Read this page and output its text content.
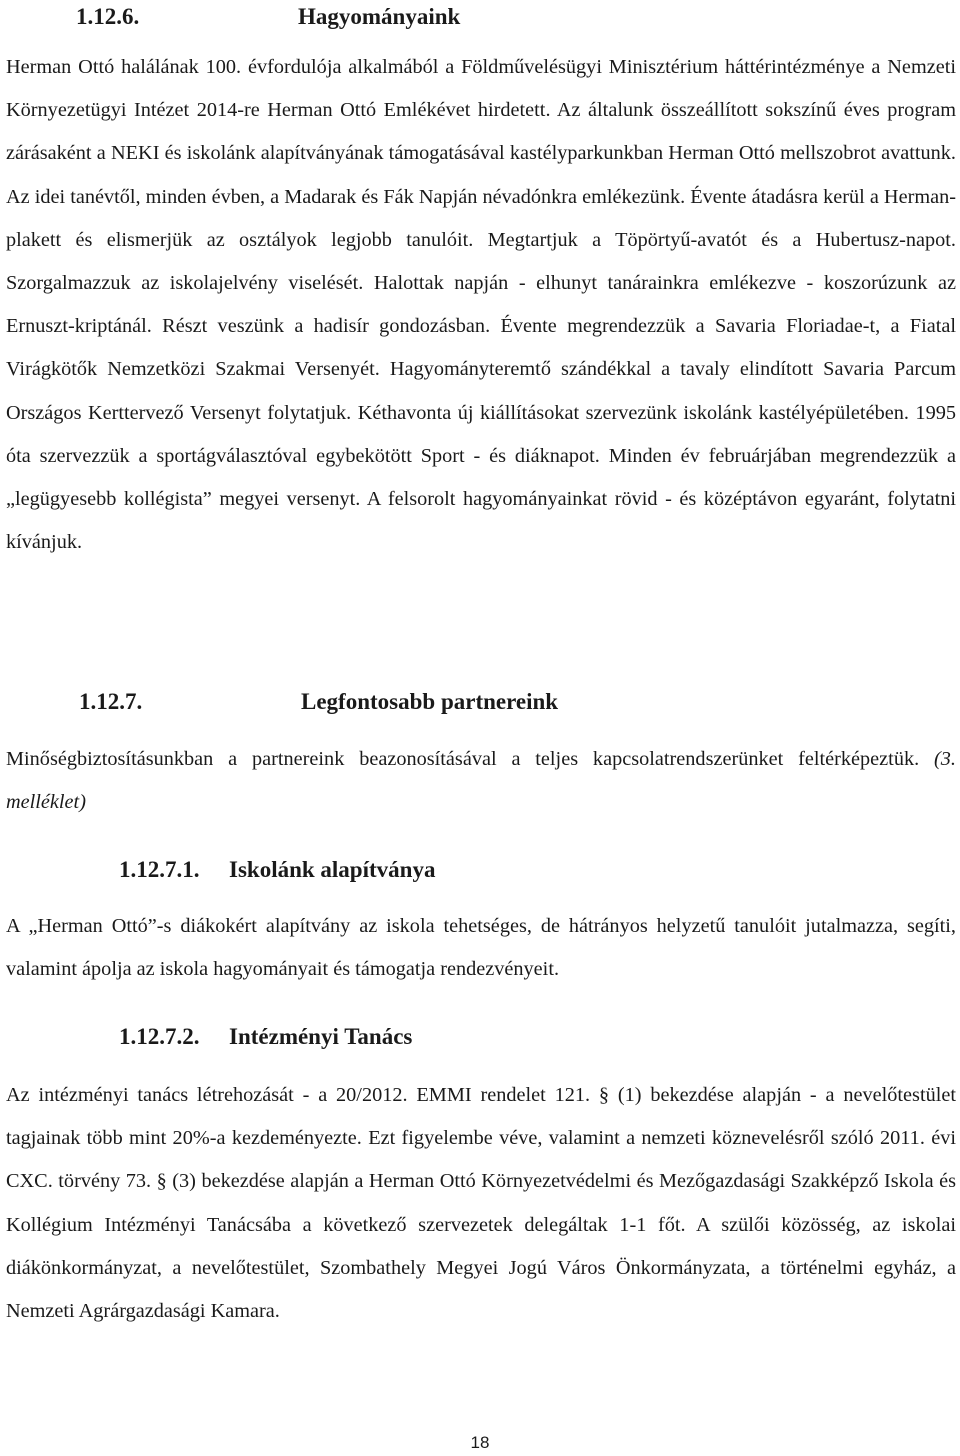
1.12.6.	Hagyományaink

Herman Ottó halálának 100. évfordulója alkalmából a Földművelésügyi Minisztérium háttérintézménye a Nemzeti Környezetügyi Intézet 2014-re Herman Ottó Emlékévet hirdetett. Az általunk összeállított sokszínű éves program zárásaként a NEKI és iskolánk alapítványának támogatásával kastélyparkunkban Herman Ottó mellszobrot avattunk. Az idei tanévtől, minden évben, a Madarak és Fák Napján névadónkra emlékezünk. Évente átadásra kerül a Herman-plakett és elismerjük az osztályok legjobb tanulóit. Megtartjuk a Töpörtyű-avatót és a Hubertusz-napot. Szorgalmazzuk az iskolajelvény viselését. Halottak napján - elhunyt tanárainkra emlékezve - koszorúzunk az Ernuszt-kriptánál. Részt veszünk a hadisír gondozásban. Évente megrendezzük a Savaria Floriadae-t, a Fiatal Virágkötők Nemzetközi Szakmai Versenyét. Hagyományteremtő szándékkal a tavaly elindított Savaria Parcum Országos Kerttervező Versenyt folytatjuk. Kéthavonta új kiállításokat szervezünk iskolánk kastélyépületében. 1995 óta szervezzük a sportágválasztóval egybekötött Sport - és diáknapot. Minden év februárjában megrendezzük a „legügyesebb kollégista” megyei versenyt. A felsorolt hagyományainkat rövid - és középtávon egyaránt, folytatni kívánjuk.

1.12.7.	Legfontosabb partnereink

Minőségbiztosításunkban a partnereink beazonosításával a teljes kapcsolatrendszerünket feltérképeztük. (3. melléklet)

1.12.7.1.	Iskolánk alapítványa

A „Herman Ottó”-s diákokért alapítvány az iskola tehetséges, de hátrányos helyzetű tanulóit jutalmazza, segíti, valamint ápolja az iskola hagyományait és támogatja rendezvényeit.

1.12.7.2.	Intézményi Tanács

Az intézményi tanács létrehozását - a 20/2012. EMMI rendelet 121. § (1) bekezdése alapján - a nevelőtestület tagjainak több mint 20%-a kezdeményezte. Ezt figyelembe véve, valamint a nemzeti köznevelésről szóló 2011. évi CXC. törvény 73. § (3) bekezdése alapján a Herman Ottó Környezetvédelmi és Mezőgazdasági Szakképző Iskola és Kollégium Intézményi Tanácsába a következő szervezetek delegáltak 1-1 főt. A szülői közösség, az iskolai diákönkormányzat, a nevelőtestület, Szombathely Megyei Jogú Város Önkormányzata, a történelmi egyház, a Nemzeti Agrárgazdasági Kamara.

18
